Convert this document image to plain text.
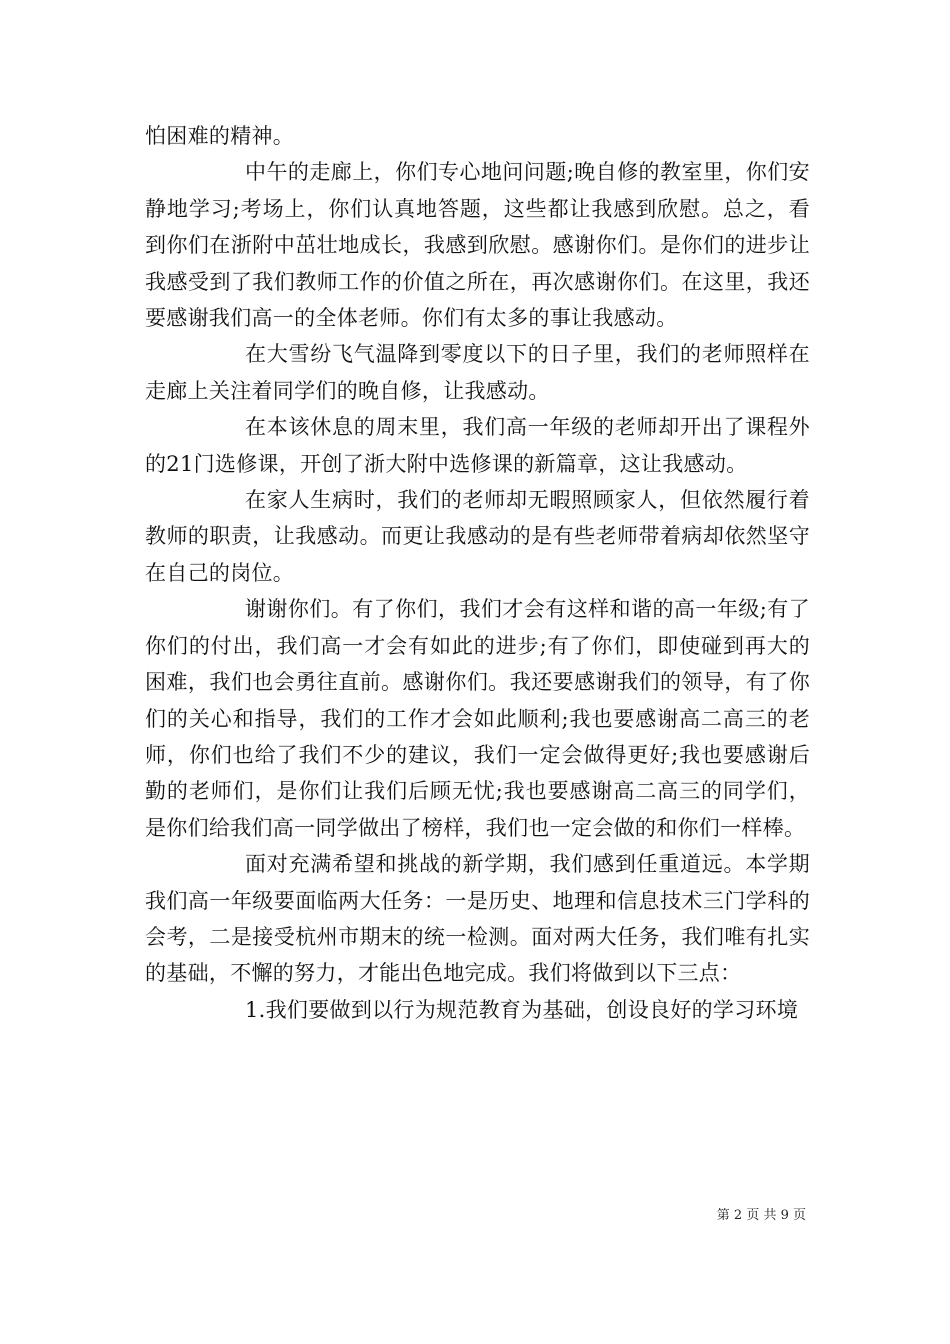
怕困难的精神。

中午的走廊上，你们专心地问问题;晚自修的教室里，你们安静地学习;考场上，你们认真地答题，这些都让我感到欣慰。总之，看到你们在浙附中茁壮地成长，我感到欣慰。感谢你们。是你们的进步让我感受到了我们教师工作的价值之所在，再次感谢你们。在这里，我还要感谢我们高一的全体老师。你们有太多的事让我感动。

在大雪纷飞气温降到零度以下的日子里，我们的老师照样在走廊上关注着同学们的晚自修，让我感动。

在本该休息的周末里，我们高一年级的老师却开出了课程外的21门选修课，开创了浙大附中选修课的新篇章，这让我感动。

在家人生病时，我们的老师却无暇照顾家人，但依然履行着教师的职责，让我感动。而更让我感动的是有些老师带着病却依然坚守在自己的岗位。

谢谢你们。有了你们，我们才会有这样和谐的高一年级;有了你们的付出，我们高一才会有如此的进步;有了你们，即使碰到再大的困难，我们也会勇往直前。感谢你们。我还要感谢我们的领导，有了你们的关心和指导，我们的工作才会如此顺利;我也要感谢高二高三的老师，你们也给了我们不少的建议，我们一定会做得更好;我也要感谢后勤的老师们，是你们让我们后顾无忧;我也要感谢高二高三的同学们，是你们给我们高一同学做出了榜样，我们也一定会做的和你们一样棒。

面对充满希望和挑战的新学期，我们感到任重道远。本学期我们高一年级要面临两大任务：一是历史、地理和信息技术三门学科的会考，二是接受杭州市期末的统一检测。面对两大任务，我们唯有扎实的基础，不懈的努力，才能出色地完成。我们将做到以下三点：

1.我们要做到以行为规范教育为基础，创设良好的学习环境

第 2 页 共 9 页
